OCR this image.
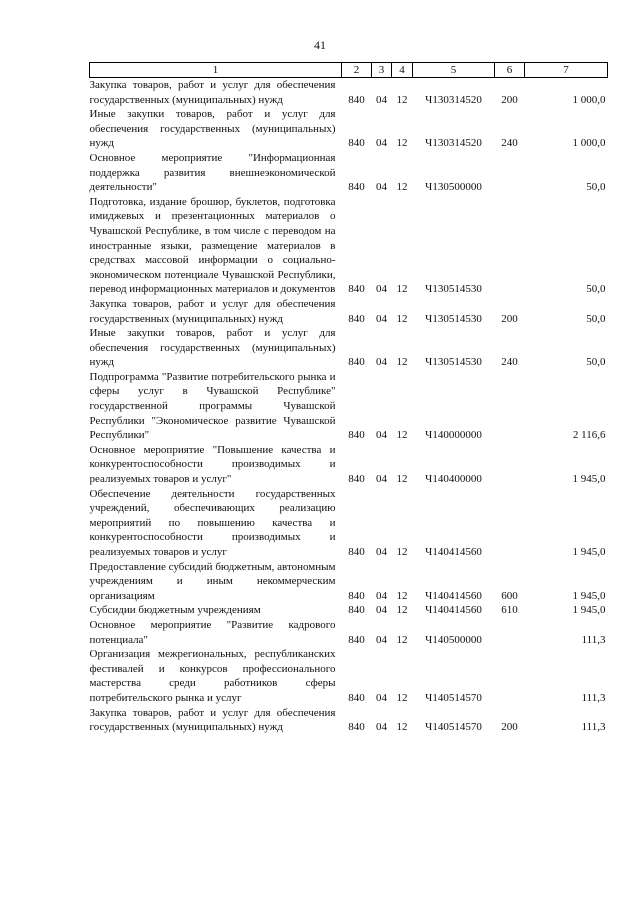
41
1	2	3	4	5	6	7
Закупка товаров, работ и услуг для обеспечения государственных (муниципальных) нужд	840	04	12	Ч130314520	200	1 000,0
Иные закупки товаров, работ и услуг для обеспечения государственных (муниципальных) нужд	840	04	12	Ч130314520	240	1 000,0
Основное мероприятие "Информационная поддержка развития внешнеэкономической деятельности"	840	04	12	Ч130500000		50,0
Подготовка, издание брошюр, буклетов, подготовка имиджевых и презентационных материалов о Чувашской Республике, в том числе с переводом на иностранные языки, размещение материалов в средствах массовой информации о социально-экономическом потенциале Чувашской Республики, перевод информационных материалов и документов	840	04	12	Ч130514530		50,0
Закупка товаров, работ и услуг для обеспечения государственных (муниципальных) нужд	840	04	12	Ч130514530	200	50,0
Иные закупки товаров, работ и услуг для обеспечения государственных (муниципальных) нужд	840	04	12	Ч130514530	240	50,0
Подпрограмма "Развитие потребительского рынка и сферы услуг в Чувашской Республике" государственной программы Чувашской Республики "Экономическое развитие Чувашской Республики"	840	04	12	Ч140000000		2 116,6
Основное мероприятие "Повышение качества и конкурентоспособности производимых и реализуемых товаров и услуг"	840	04	12	Ч140400000		1 945,0
Обеспечение деятельности государственных учреждений, обеспечивающих реализацию мероприятий по повышению качества и конкурентоспособности производимых и реализуемых товаров и услуг	840	04	12	Ч140414560		1 945,0
Предоставление субсидий бюджетным, автономным учреждениям и иным некоммерческим организациям	840	04	12	Ч140414560	600	1 945,0
Субсидии бюджетным учреждениям	840	04	12	Ч140414560	610	1 945,0
Основное мероприятие "Развитие кадрового потенциала"	840	04	12	Ч140500000		111,3
Организация межрегиональных, республиканских фестивалей и конкурсов профессионального мастерства среди работников сферы потребительского рынка и услуг	840	04	12	Ч140514570		111,3
Закупка товаров, работ и услуг для обеспечения государственных (муниципальных) нужд	840	04	12	Ч140514570	200	111,3
